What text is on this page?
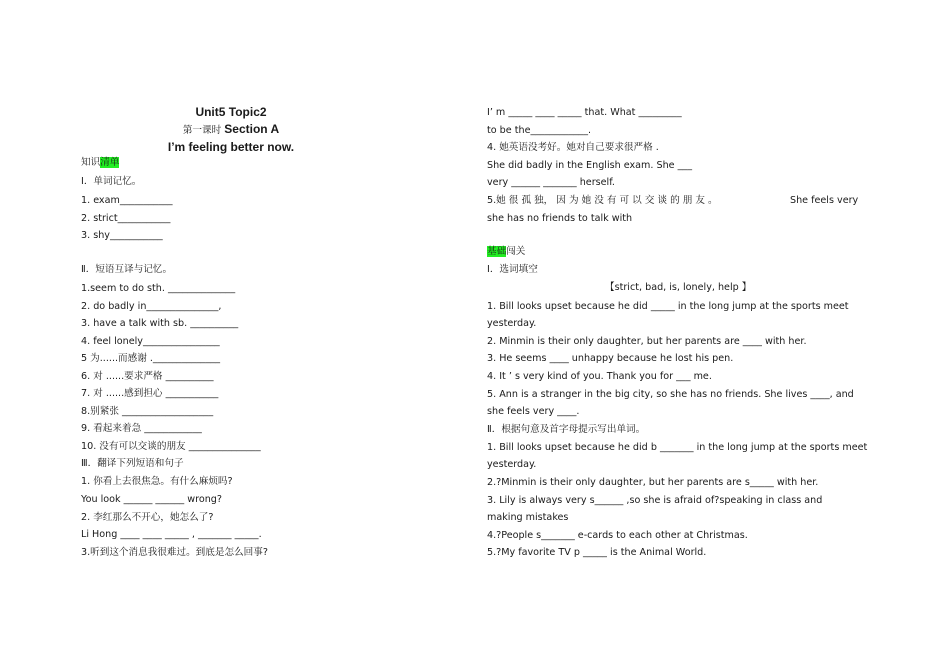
Unit5 Topic2
第一课时 Section A
I’m feeling better now.
知识清单
Ⅰ．单词记忆。
1. exam___________
2. strict___________
3. shy___________
Ⅱ．短语互译与记忆。
1.seem to do sth. ______________
2. do badly in_______________,
3. have a talk with sb. __________
4. feel lonely________________
5 为......而感谢 .______________
6. 对 ......要求严格 __________
7. 对 ......感到担心 ___________
8.别紧张 ___________________
9. 看起来着急 ____________
10. 没有可以交谈的朋友 _______________
Ⅲ．翻译下列短语和句子
1. 你看上去很焦急。有什么麻烦吗?
You look ______ ______ wrong?
2. 李红那么不开心，她怎么了?
Li Hong ____ ____ _____ , _______ _____.
3.听到这个消息我很难过。到底是怎么回事?
I’ m _____ ____ _____ that. What _________
to be the____________.
4. 她英语没考好。她对自己要求很严格 .
She did badly in the English exam. She ___
very ______ _______ herself.
5.她 很 孤 独， 因 为 她 没 有 可 以 交 谈 的 朋 友 。	She feels very
she has no friends to talk with
基础闯关
Ⅰ．选词填空
【strict, bad, is, lonely, help 】
1. Bill looks upset because he did _____ in the long jump at the sports meet
yesterday.
2. Minmin is their only daughter, but her parents are ____ with her.
3. He seems ____ unhappy because he lost his pen.
4. It ’ s very kind of you. Thank you for ___ me.
5. Ann is a stranger in the big city, so she has no friends. She lives ____, and
she feels very ____.
Ⅱ．根据句意及首字母提示写出单词。
1. Bill looks upset because he did b _______ in the long jump at the sports meet
yesterday.
2.?Minmin is their only daughter, but her parents are s_____ with her.
3. Lily is always very s______ ,so she is afraid of?speaking in class and
making mistakes
4.?People s_______ e-cards to each other at Christmas.
5.?My favorite TV p _____ is the Animal World.
